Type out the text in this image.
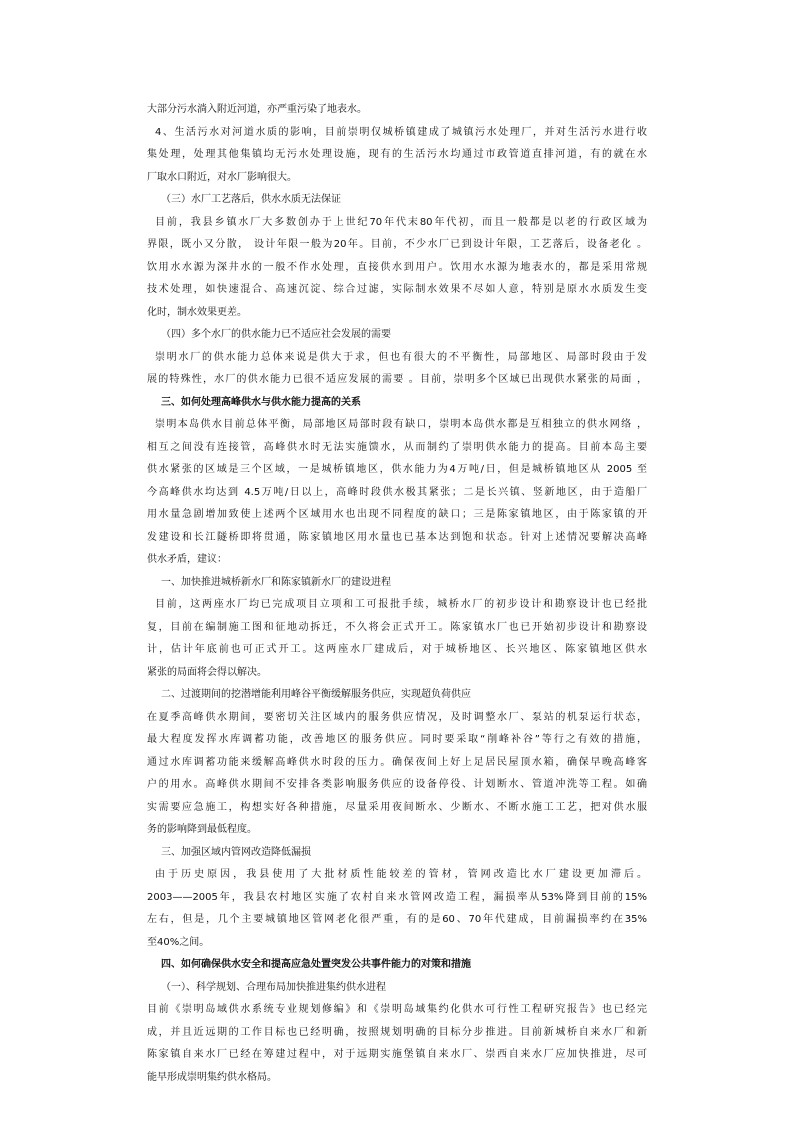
大部分污水淌入附近河道，亦严重污染了地表水。
4、生活污水对河道水质的影响，目前崇明仅城桥镇建成了城镇污水处理厂，并对生活污水进行收
集处理，处理其他集镇均无污水处理设施，现有的生活污水均通过市政管道直排河道，有的就在水
厂取水口附近，对水厂影响很大。
（三）水厂工艺落后，供水水质无法保证
目前，我县乡镇水厂大多数创办于上世纪70年代末80年代初，而且一般都是以老的行政区域为
界限，既小又分散， 设计年限一般为20年。目前，不少水厂已到设计年限，工艺落后，设备老化 。
饮用水水源为深井水的一般不作水处理，直接供水到用户。饮用水水源为地表水的，都是采用常规
技术处理，如快速混合、高速沉淀、综合过滤，实际制水效果不尽如人意，特别是原水水质发生变
化时，制水效果更差。
（四）多个水厂的供水能力已不适应社会发展的需要
崇明水厂的供水能力总体来说是供大于求，但也有很大的不平衡性，局部地区、局部时段由于发
展的特殊性，水厂的供水能力已很不适应发展的需要 。目前，崇明多个区域已出现供水紧张的局面 ，
三、如何处理高峰供水与供水能力提高的关系
崇明本岛供水目前总体平衡，局部地区局部时段有缺口，崇明本岛供水都是互相独立的供水网络 ，
相互之间没有连接管，高峰供水时无法实施馈水，从而制约了崇明供水能力的提高。目前本岛主要
供水紧张的区域是三个区域，一是城桥镇地区，供水能力为4万吨/日，但是城桥镇地区从 2005 至
今高峰供水均达到 4.5万吨/日以上，高峰时段供水极其紧张；二是长兴镇、竖新地区，由于造船厂
用水量急剧增加致使上述两个区域用水也出现不同程度的缺口；三是陈家镇地区，由于陈家镇的开
发建设和长江隧桥即将贯通，陈家镇地区用水量也已基本达到饱和状态。针对上述情况要解决高峰
供水矛盾，建议：
一、加快推进城桥新水厂和陈家镇新水厂的建设进程
目前，这两座水厂均已完成项目立项和工可报批手续，城桥水厂的初步设计和勘察设计也已经批
复，目前在编制施工图和征地动拆迁，不久将会正式开工。陈家镇水厂也已开始初步设计和勘察设
计，估计年底前也可正式开工。这两座水厂建成后，对于城桥地区、长兴地区、陈家镇地区供水
紧张的局面将会得以解决。
二、过渡期间的挖潜增能利用峰谷平衡缓解服务供应，实现超负荷供应
在夏季高峰供水期间，要密切关注区域内的服务供应情况，及时调整水厂、泵站的机泵运行状态，
最大程度发挥水库调蓄功能，改善地区的服务供应。同时要采取“削峰补谷”等行之有效的措施，
通过水库调蓄功能来缓解高峰供水时段的压力。确保夜间上好上足居民屋顶水箱，确保早晚高峰客
户的用水。高峰供水期间不安排各类影响服务供应的设备停役、计划断水、管道冲洗等工程。如确
实需要应急施工，构想实好各种措施，尽量采用夜间断水、少断水、不断水施工工艺，把对供水服
务的影响降到最低程度。
三、加强区域内管网改造降低漏损
由于历史原因，我县使用了大批材质性能较差的管材，管网改造比水厂建设更加滞后。
2003——2005年，我县农村地区实施了农村自来水管网改造工程，漏损率从53%降到目前的15%
左右，但是，几个主要城镇地区管网老化很严重，有的是60、70年代建成，目前漏损率约在35%
至40%之间。
四、如何确保供水安全和提高应急处置突发公共事件能力的对策和措施
（一）、科学规划、合理布局加快推进集约供水进程
目前《崇明岛域供水系统专业规划修编》和《崇明岛域集约化供水可行性工程研究报告》也已经完
成，并且近远期的工作目标也已经明确，按照规划明确的目标分步推进。目前新城桥自来水厂和新
陈家镇自来水厂已经在筹建过程中，对于远期实施堡镇自来水厂、崇西自来水厂应加快推进，尽可
能早形成崇明集约供水格局。
